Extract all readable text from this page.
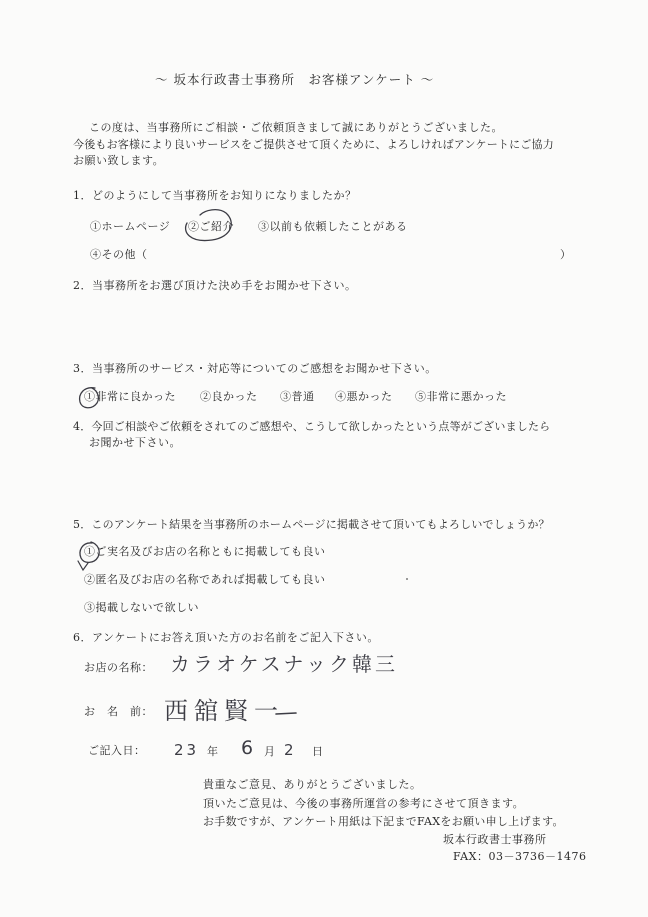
～ 坂本行政書士事務所　お客様アンケート ～
この度は、当事務所にご相談・ご依頼頂きまして誠にありがとうございました。
今後もお客様により良いサービスをご提供させて頂くために、よろしければアンケートにご協力
お願い致します。
1．どのようにして当事務所をお知りになりましたか？
①ホームページ ②ご紹介 ③以前も依頼したことがある
④その他（	）
2．当事務所をお選び頂けた決め手をお聞かせ下さい。
3．当事務所のサービス・対応等についてのご感想をお聞かせ下さい。
①非常に良かった ②良かった ③普通 ④悪かった ⑤非常に悪かった
4．今回ご相談やご依頼をされてのご感想や、こうして欲しかったという点等がございましたら
お聞かせ下さい。
5．このアンケート結果を当事務所のホームページに掲載させて頂いてもよろしいでしょうか？
①ご実名及びお店の名称ともに掲載しても良い
②匿名及びお店の名称であれば掲載しても良い
③掲載しないで欲しい
6．アンケートにお答え頂いた方のお名前をご記入下さい。
お店の名称： カラオケスナック韓三
お　名　前： 西舘賢一
ご記入日： 23 年 6 月 2 日
貴重なご意見、ありがとうございました。
頂いたご意見は、今後の事務所運営の参考にさせて頂きます。
お手数ですが、アンケート用紙は下記までFAXをお願い申し上げます。
坂本行政書士事務所
FAX：03－3736－1476
